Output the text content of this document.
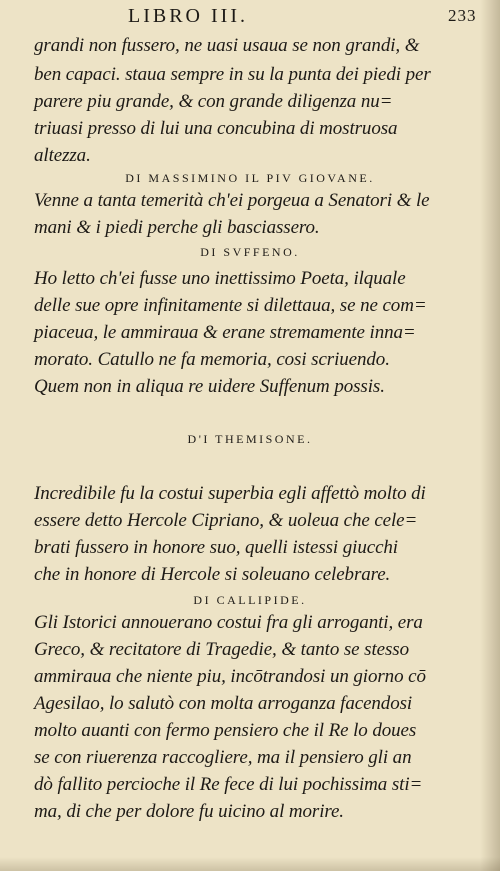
LIBRO III.	233
grandi non fussero, ne uasi usaua se non grandi, &
ben capaci. staua sempre in su la punta dei piedi per
parere piu grande, & con grande diligenza nu=
triuasi presso di lui una concubina di mostruosa
altezza.
DI MASSIMINO IL PIV GIOVANE.
Venne a tanta temerità ch'ei porgeua a Senatori & le
mani & i piedi perche gli basciassero.
DI SVFFENO.
Ho letto ch'ei fusse uno inettissimo Poeta, ilquale
delle sue opre infinitamente si dilettaua, se ne com=
piaceua, le ammiraua & erane stremamente inna=
morato. Catullo ne fa memoria, cosi scriuendo.
Quem non in aliqua re uidere Suffenum possis.
D'I THEMISONE.
Incredibile fu la costui superbia egli affettò molto di
essere detto Hercole Cipriano, & uoleua che cele=
brati fussero in honore suo, quelli istessi giucchi
che in honore di Hercole si soleuano celebrare.
DI CALLIPIDE.
Gli Istorici annouerano costui fra gli arroganti, era
Greco, & recitatore di Tragedie, & tanto se stesso
ammiraua che niente piu, incōtrandosi un giorno cō
Agesilao, lo salutò con molta arroganza facendosi
molto auanti con fermo pensiero che il Re lo doues
se con riuerenza raccogliere, ma il pensiero gli an
dò fallito percioche il Re fece di lui pochissima sti=
ma, di che per dolore fu uicino al morire.
